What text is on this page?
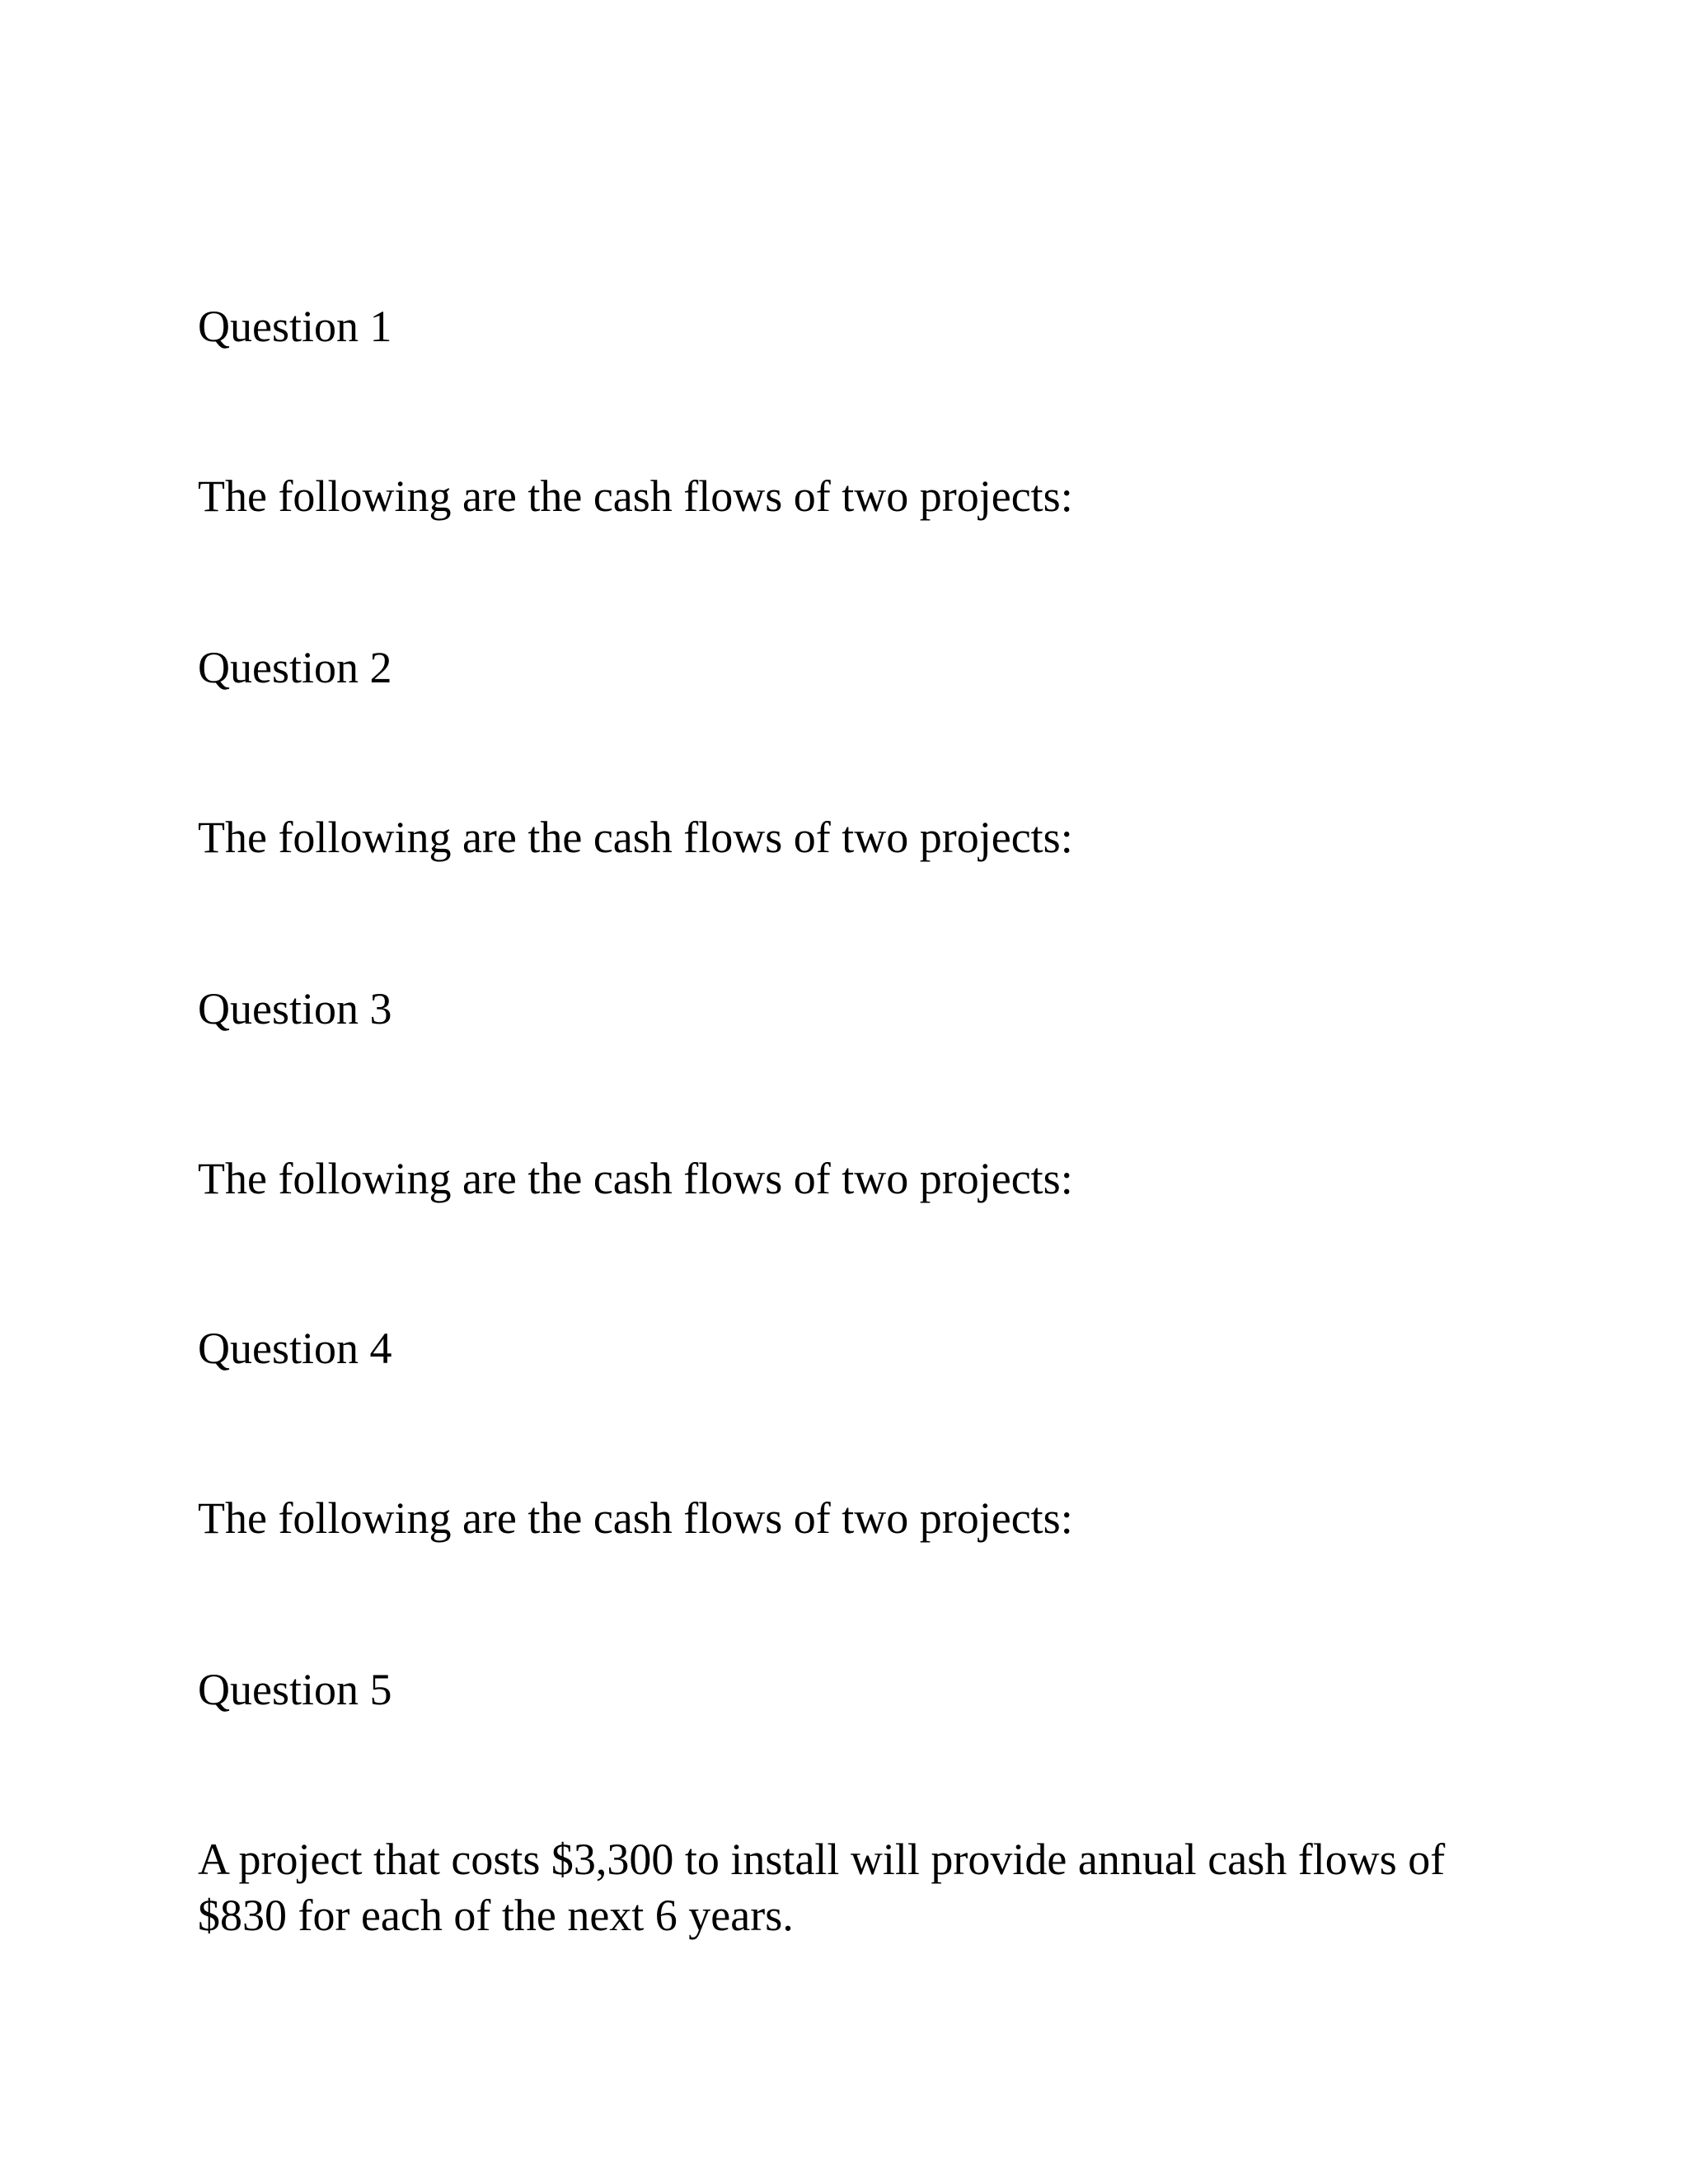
Question 1

The following are the cash flows of two projects:

Question 2

The following are the cash flows of two projects:

Question 3

The following are the cash flows of two projects:

Question 4

The following are the cash flows of two projects:

Question 5

A project that costs $3,300 to install will provide annual cash flows of

$830 for each of the next 6 years.
